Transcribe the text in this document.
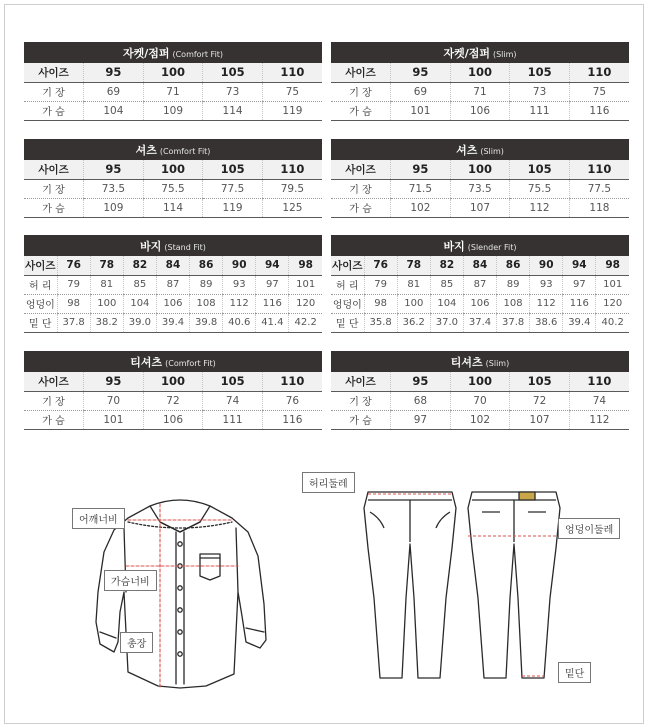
자켓/점퍼 (Comfort Fit)				
사이즈	95	100	105	110
기 장	69	71	73	75
가 슴	104	109	114	119
자켓/점퍼 (Slim)				
사이즈	95	100	105	110
기 장	69	71	73	75
가 슴	101	106	111	116
셔츠 (Comfort Fit)				
사이즈	95	100	105	110
기 장	73.5	75.5	77.5	79.5
가 슴	109	114	119	125
셔츠 (Slim)				
사이즈	95	100	105	110
기 장	71.5	73.5	75.5	77.5
가 슴	102	107	112	118
바지 (Stand Fit)								
사이즈	76	78	82	84	86	90	94	98
허 리	79	81	85	87	89	93	97	101
엉덩이	98	100	104	106	108	112	116	120
밑 단	37.8	38.2	39.0	39.4	39.8	40.6	41.4	42.2
바지 (Slender Fit)								
사이즈	76	78	82	84	86	90	94	98
허 리	79	81	85	87	89	93	97	101
엉덩이	98	100	104	106	108	112	116	120
밑 단	35.8	36.2	37.0	37.4	37.8	38.6	39.4	40.2
티셔츠 (Comfort Fit)				
사이즈	95	100	105	110
기 장	70	72	74	76
가 슴	101	106	111	116
티셔츠 (Slim)				
사이즈	95	100	105	110
기 장	68	70	72	74
가 슴	97	102	107	112
어깨너비
가슴너비
총장
허리둘레
엉덩이둘레
밑단
